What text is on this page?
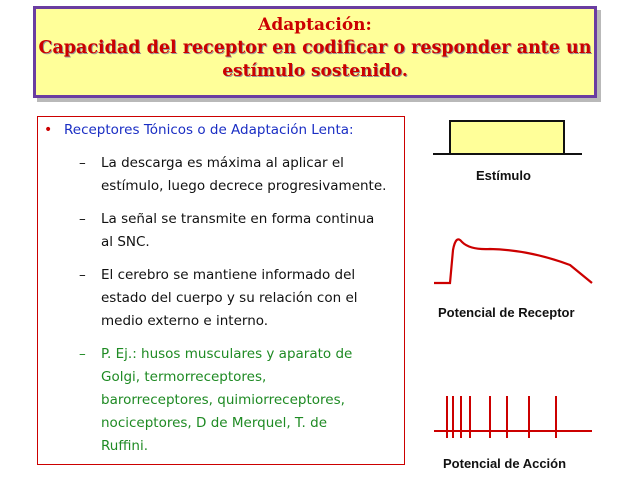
Adaptación:
Capacidad del receptor en codificar o responder ante un
estímulo sostenido.
• Receptores Tónicos o de Adaptación Lenta:
– La descarga es máxima al aplicar el
estímulo, luego decrece progresivamente.
– La señal se transmite en forma continua
al SNC.
– El cerebro se mantiene informado del
estado del cuerpo y su relación con el
medio externo e interno.
– P. Ej.: husos musculares y aparato de
Golgi, termorreceptores,
barorreceptores, quimiorreceptores,
nociceptores, D de Merquel, T. de
Ruffini.
Estímulo
Potencial de Receptor
Potencial de Acción
